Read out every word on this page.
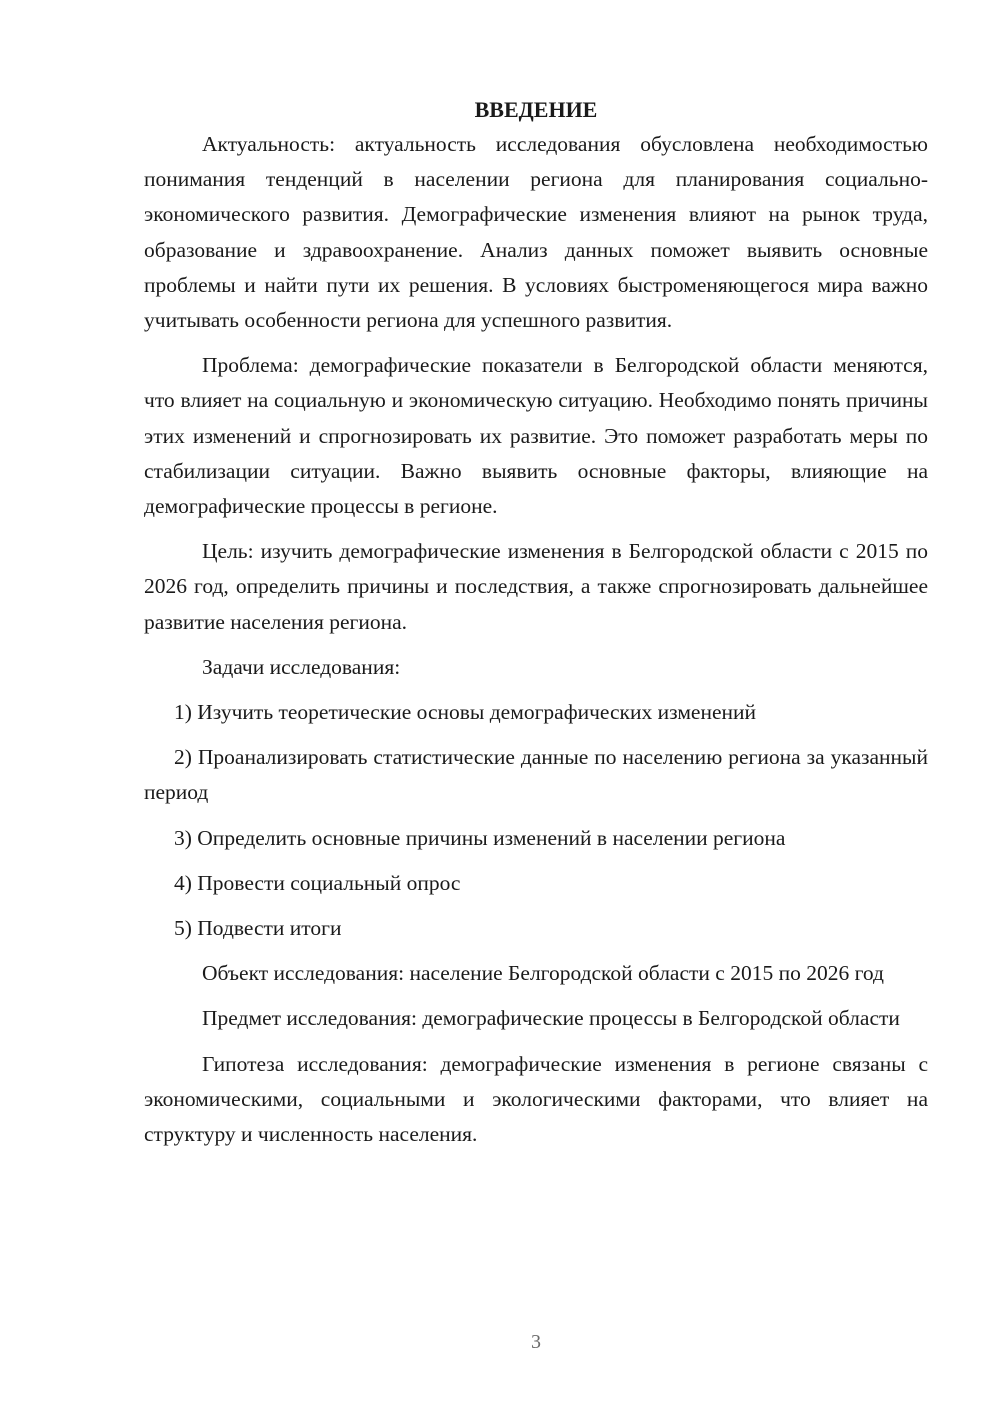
ВВЕДЕНИЕ

Актуальность: актуальность исследования обусловлена необходимостью понимания тенденций в населении региона для планирования социально-экономического развития. Демографические изменения влияют на рынок труда, образование и здравоохранение. Анализ данных поможет выявить основные проблемы и найти пути их решения. В условиях быстроменяющегося мира важно учитывать особенности региона для успешного развития.

Проблема: демографические показатели в Белгородской области меняются, что влияет на социальную и экономическую ситуацию. Необходимо понять причины этих изменений и спрогнозировать их развитие. Это поможет разработать меры по стабилизации ситуации. Важно выявить основные факторы, влияющие на демографические процессы в регионе.

Цель: изучить демографические изменения в Белгородской области с 2015 по 2026 год, определить причины и последствия, а также спрогнозировать дальнейшее развитие населения региона.

Задачи исследования:

1) Изучить теоретические основы демографических изменений

2) Проанализировать статистические данные по населению региона за указанный период

3) Определить основные причины изменений в населении региона

4) Провести социальный опрос

5) Подвести итоги

Объект исследования: население Белгородской области с 2015 по 2026 год

Предмет исследования: демографические процессы в Белгородской области

Гипотеза исследования: демографические изменения в регионе связаны с экономическими, социальными и экологическими факторами, что влияет на структуру и численность населения.

3
